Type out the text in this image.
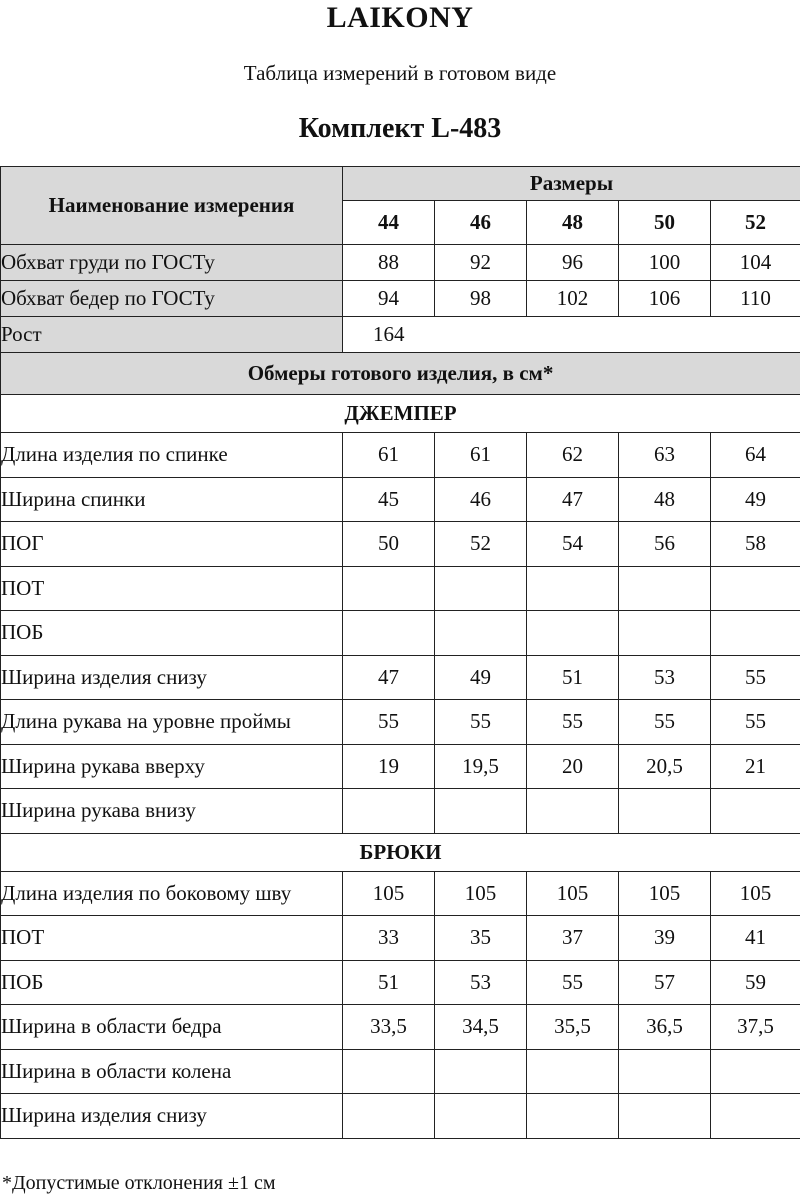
LAIKONY
Таблица измерений в готовом виде
Комплект L-483
Наименование измерения	Размеры				
	44	46	48	50	52
Обхват груди по ГОСТу	88	92	96	100	104
Обхват бедер по ГОСТу	94	98	102	106	110
Рост	164				
Обмеры готового изделия, в см*					
ДЖЕМПЕР					
Длина изделия по спинке	61	61	62	63	64
Ширина спинки	45	46	47	48	49
ПОГ	50	52	54	56	58
ПОТ					
ПОБ					
Ширина изделия снизу	47	49	51	53	55
Длина рукава на уровне проймы	55	55	55	55	55
Ширина рукава вверху	19	19,5	20	20,5	21
Ширина рукава внизу					
БРЮКИ					
Длина изделия по боковому шву	105	105	105	105	105
ПОТ	33	35	37	39	41
ПОБ	51	53	55	57	59
Ширина в области бедра	33,5	34,5	35,5	36,5	37,5
Ширина в области колена					
Ширина изделия снизу					
*Допустимые отклонения ±1 см
